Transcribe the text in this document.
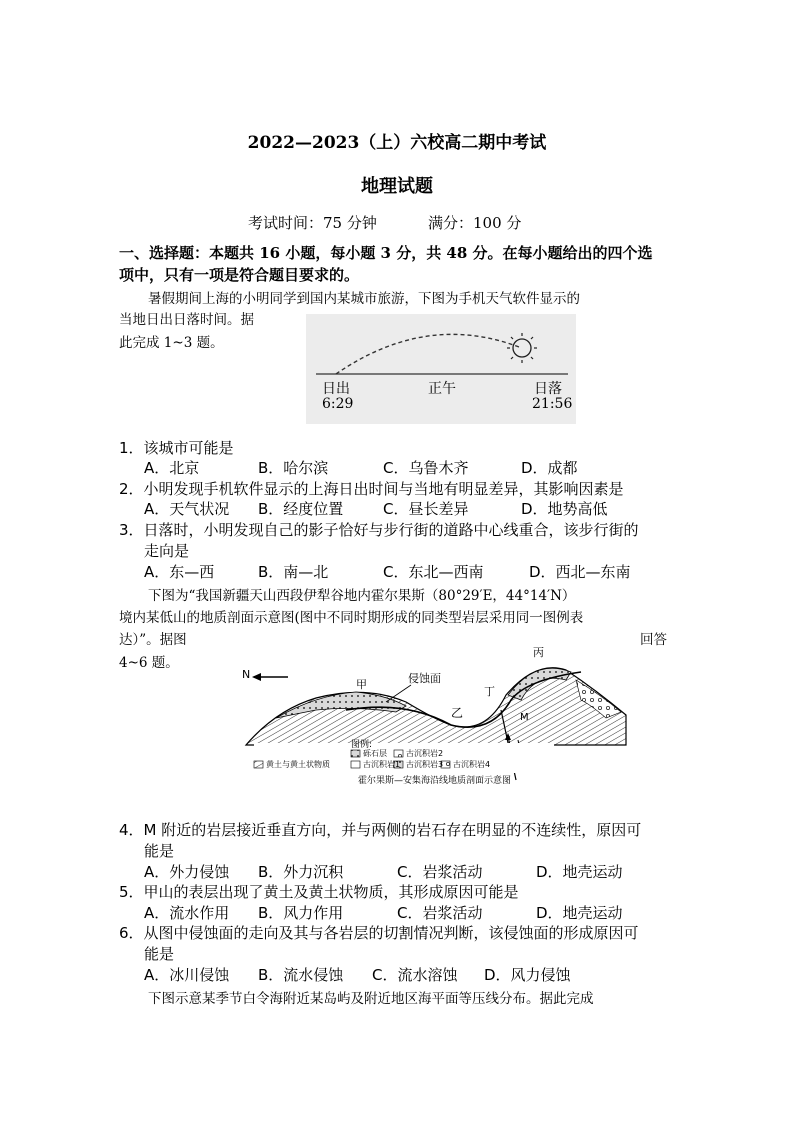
2022—2023（上）六校高二期中考试
地理试题
考试时间：75 分钟	满分：100 分
一、选择题：本题共 16 小题，每小题 3 分，共 48 分。在每小题给出的四个选
项中，只有一项是符合题目要求的。
暑假期间上海的小明同学到国内某城市旅游，下图为手机天气软件显示的
当地日出日落时间。据
此完成 1~3 题。
日出
6:29
正午	日落
21:56
1．该城市可能是
A．北京	B．哈尔滨	C．乌鲁木齐	D．成都
2．小明发现手机软件显示的上海日出时间与当地有明显差异，其影响因素是
A．天气状况 B．经度位置	C．昼长差异	D．地势高低
3．日落时，小明发现自己的影子恰好与步行街的道路中心线重合，该步行街的
走向是
A．东—西	B．南—北	C．东北—西南	D．西北—东南
下图为“我国新疆天山西段伊犁谷地内霍尔果斯（80°29′E，44°14′N）
境内某低山的地质剖面示意图(图中不同时期形成的同类型岩层采用同一图例表
达）”。据图	回答
4~6 题。
N
甲	侵蚀面
乙
丙
丁
M
图例:
砾石层 古沉积岩2
黄土与黄土状物质	古沉积岩1 古沉积岩3 古沉积岩4
霍尔果斯—安集海沿线地质剖面示意图
4．M 附近的岩层接近垂直方向，并与两侧的岩石存在明显的不连续性，原因可
能是
A．外力侵蚀 B．外力沉积	C．岩浆活动	D．地壳运动
5．甲山的表层出现了黄土及黄土状物质，其形成原因可能是
A．流水作用 B．风力作用	C．岩浆活动	D．地壳运动
6．从图中侵蚀面的走向及其与各岩层的切割情况判断，该侵蚀面的形成原因可
能是
A．冰川侵蚀 B．流水侵蚀 C．流水溶蚀 D．风力侵蚀
下图示意某季节白令海附近某岛屿及附近地区海平面等压线分布。据此完成
